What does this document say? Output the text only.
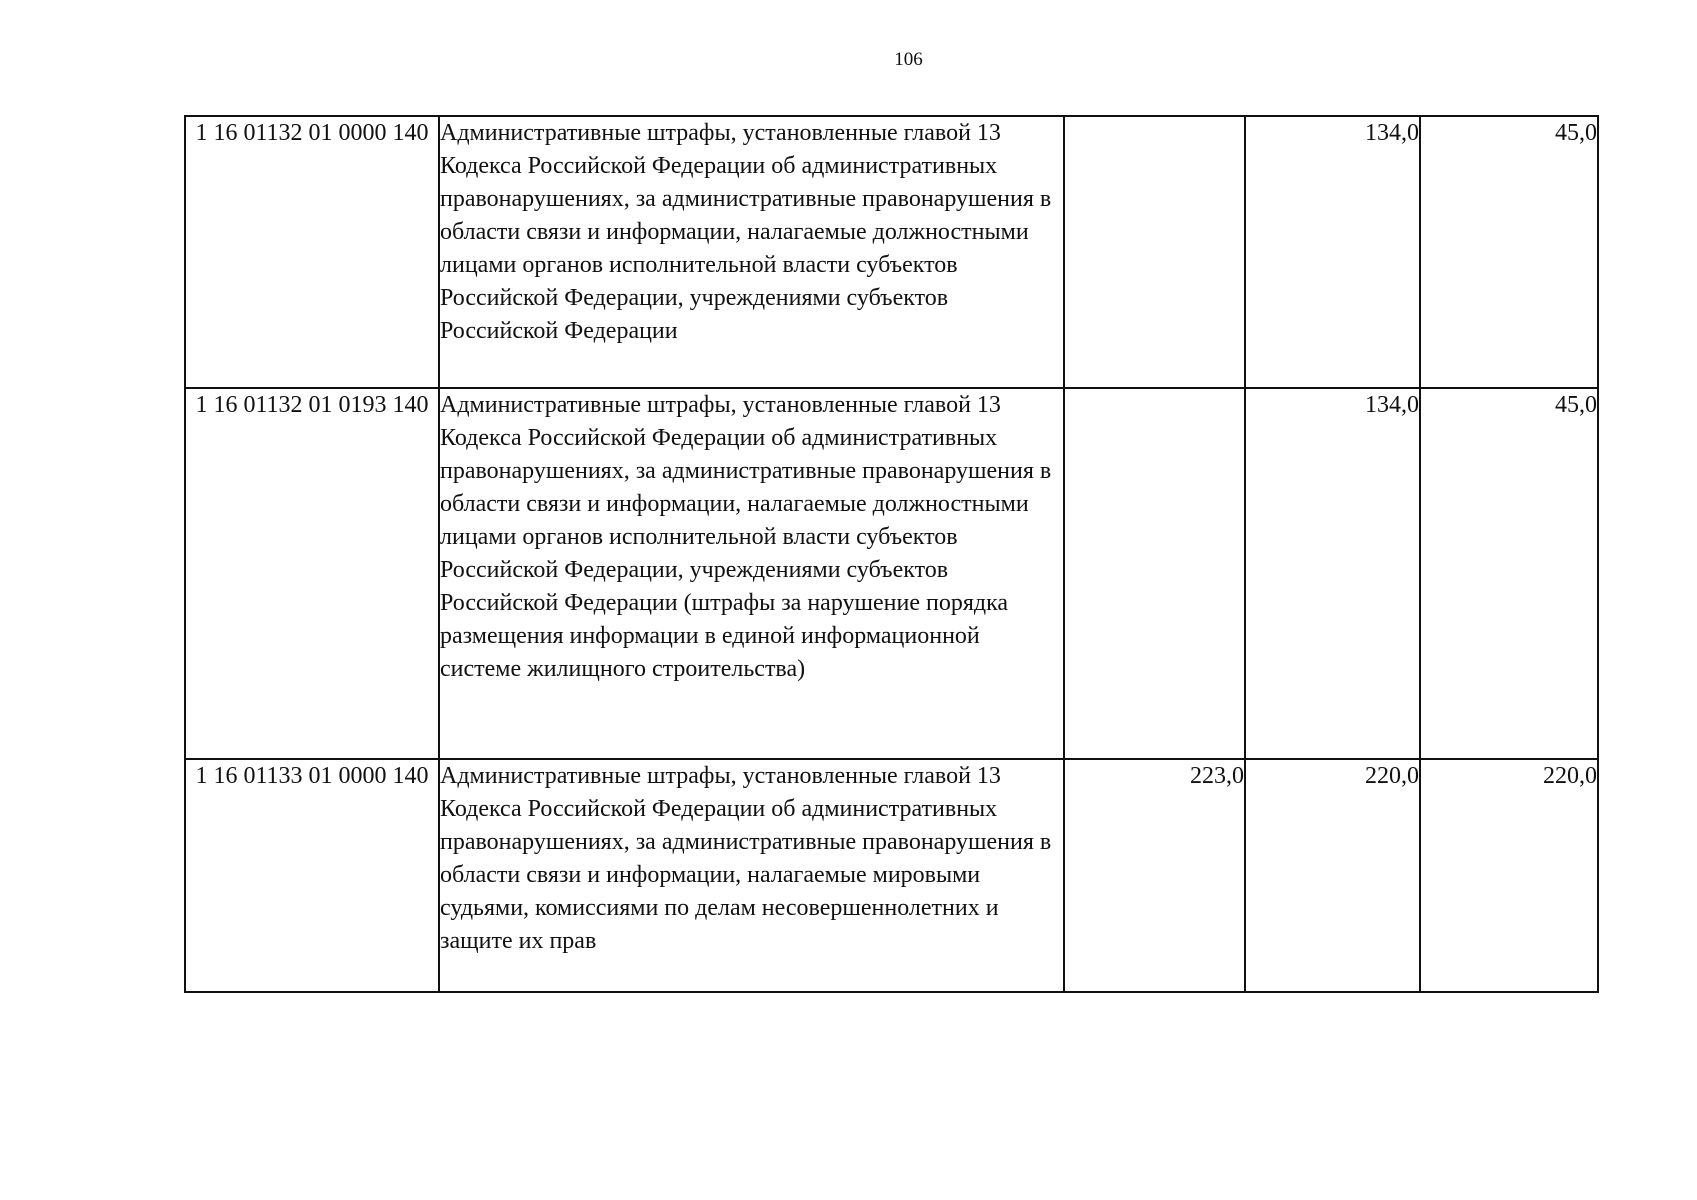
106
1 16 01132 01 0000 140	Административные штрафы, установленные главой 13 Кодекса Российской Федерации об административных правонарушениях, за административные правонарушения в области связи и информации, налагаемые должностными лицами органов исполнительной власти субъектов Российской Федерации, учреждениями субъектов Российской Федерации		134,0	45,0
1 16 01132 01 0193 140	Административные штрафы, установленные главой 13 Кодекса Российской Федерации об административных правонарушениях, за административные правонарушения в области связи и информации, налагаемые должностными лицами органов исполнительной власти субъектов Российской Федерации, учреждениями субъектов Российской Федерации (штрафы за нарушение порядка размещения информации в единой информационной системе жилищного строительства)		134,0	45,0
1 16 01133 01 0000 140	Административные штрафы, установленные главой 13 Кодекса Российской Федерации об административных правонарушениях, за административные правонарушения в области связи и информации, налагаемые мировыми судьями, комиссиями по делам несовершеннолетних и защите их прав	223,0	220,0	220,0
